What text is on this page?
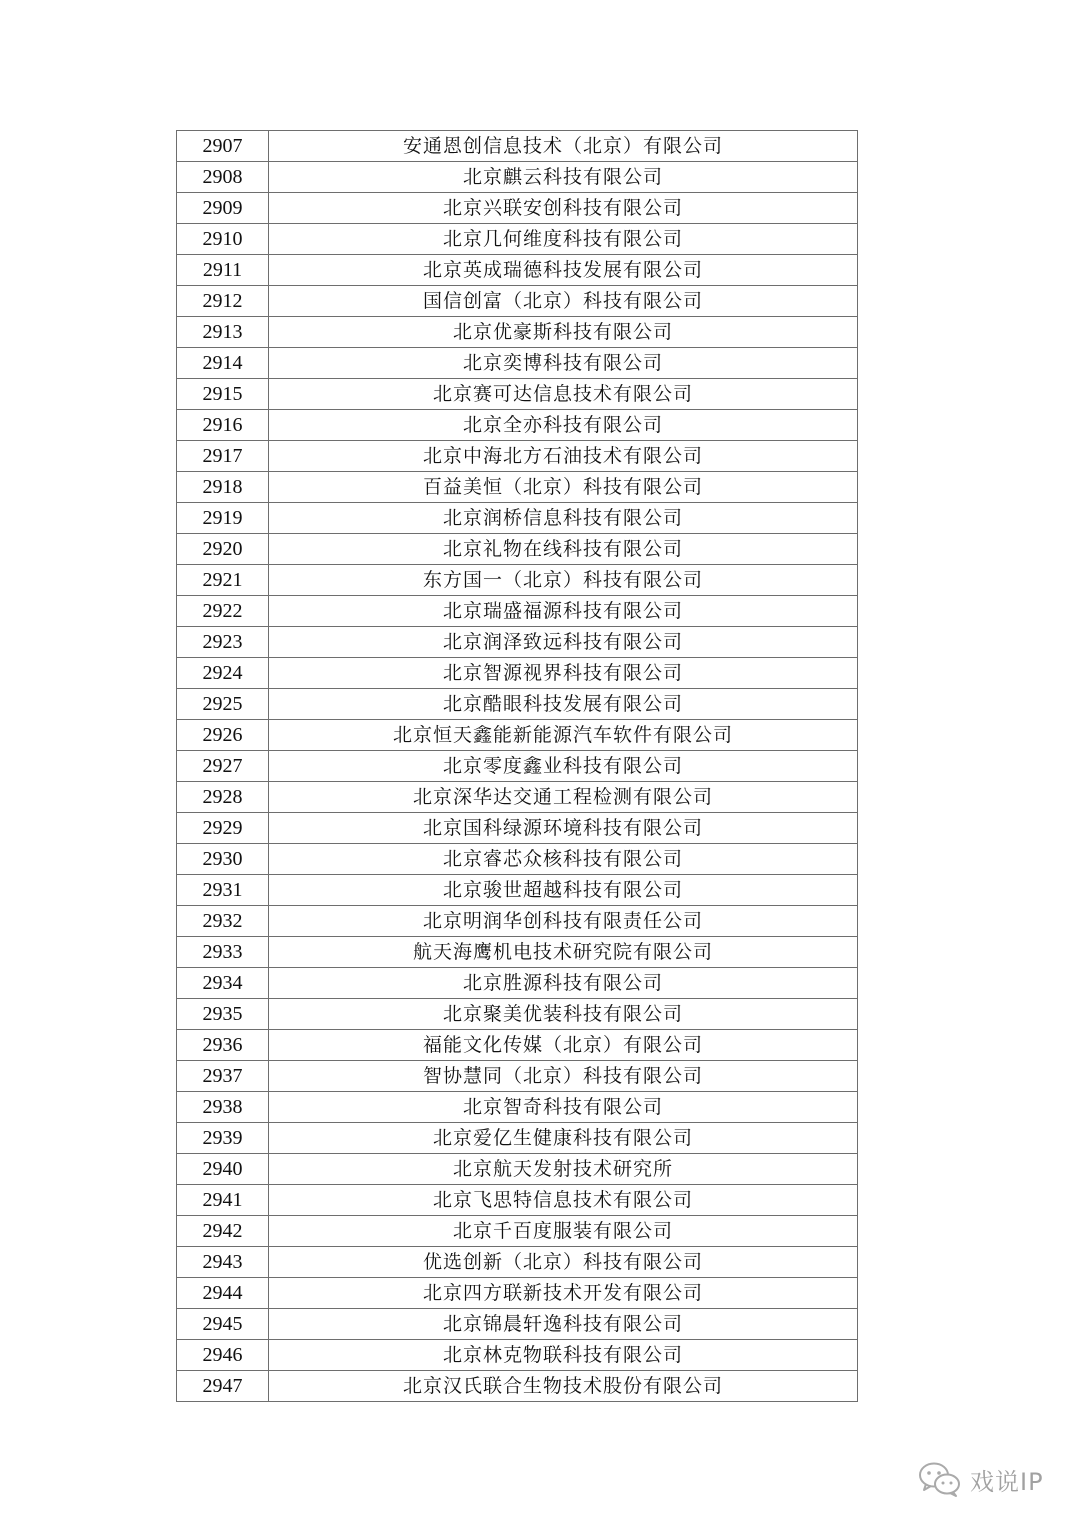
2907	安通恩创信息技术（北京）有限公司
2908	北京麒云科技有限公司
2909	北京兴联安创科技有限公司
2910	北京几何维度科技有限公司
2911	北京英成瑞德科技发展有限公司
2912	国信创富（北京）科技有限公司
2913	北京优豪斯科技有限公司
2914	北京奕博科技有限公司
2915	北京赛可达信息技术有限公司
2916	北京全亦科技有限公司
2917	北京中海北方石油技术有限公司
2918	百益美恒（北京）科技有限公司
2919	北京润桥信息科技有限公司
2920	北京礼物在线科技有限公司
2921	东方国一（北京）科技有限公司
2922	北京瑞盛福源科技有限公司
2923	北京润泽致远科技有限公司
2924	北京智源视界科技有限公司
2925	北京酷眼科技发展有限公司
2926	北京恒天鑫能新能源汽车软件有限公司
2927	北京零度鑫业科技有限公司
2928	北京深华达交通工程检测有限公司
2929	北京国科绿源环境科技有限公司
2930	北京睿芯众核科技有限公司
2931	北京骏世超越科技有限公司
2932	北京明润华创科技有限责任公司
2933	航天海鹰机电技术研究院有限公司
2934	北京胜源科技有限公司
2935	北京聚美优装科技有限公司
2936	福能文化传媒（北京）有限公司
2937	智协慧同（北京）科技有限公司
2938	北京智奇科技有限公司
2939	北京爱亿生健康科技有限公司
2940	北京航天发射技术研究所
2941	北京飞思特信息技术有限公司
2942	北京千百度服装有限公司
2943	优选创新（北京）科技有限公司
2944	北京四方联新技术开发有限公司
2945	北京锦晨轩逸科技有限公司
2946	北京林克物联科技有限公司
2947	北京汉氏联合生物技术股份有限公司
戏说IP
